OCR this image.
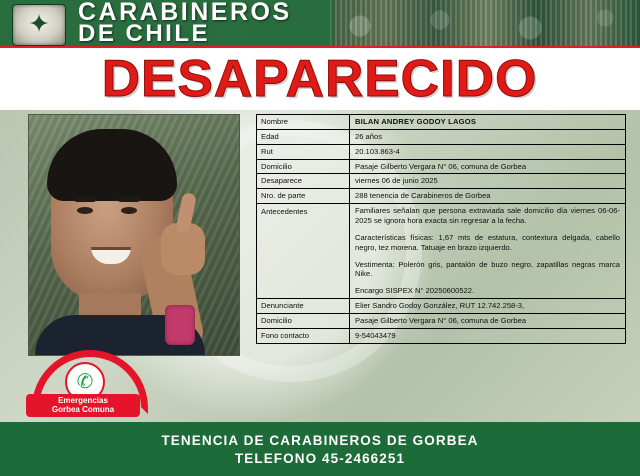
✦ CARABINEROS
DE CHILE
DESAPARECIDO
✆
Emergencias
Gorbea Comuna
Nombre	BILAN ANDREY GODOY LAGOS
Edad	26 años
Rut	20.103.863-4
Domicilio	Pasaje Gilberto Vergara N° 06, comuna de Gorbea
Desaparece	viernes 06 de junio 2025
Nro. de parte	288 tenencia de Carabineros de Gorbea
Antecedentes	Familiares señalan que persona extraviada sale domicilio día viernes 06-06-2025 se ignora hora exacta sin regresar a la fecha.

Características físicas: 1,67 mts de estatura, contextura delgada, cabello negro, tez morena. Tatuaje en brazo izquierdo.

Vestimenta: Polerón gris, pantalón de buzo negro, zapatillas negras marca Nike.

Encargo SISPEX N° 20250600522.

Denunciante	Elier Sandro Godoy González, RUT 12.742.258-3,
Domicilio	Pasaje Gilberto Vergara N° 06, comuna de Gorbea
Fono contacto	9-54043479
TENENCIA DE CARABINEROS DE GORBEA
TELEFONO 45-2466251
